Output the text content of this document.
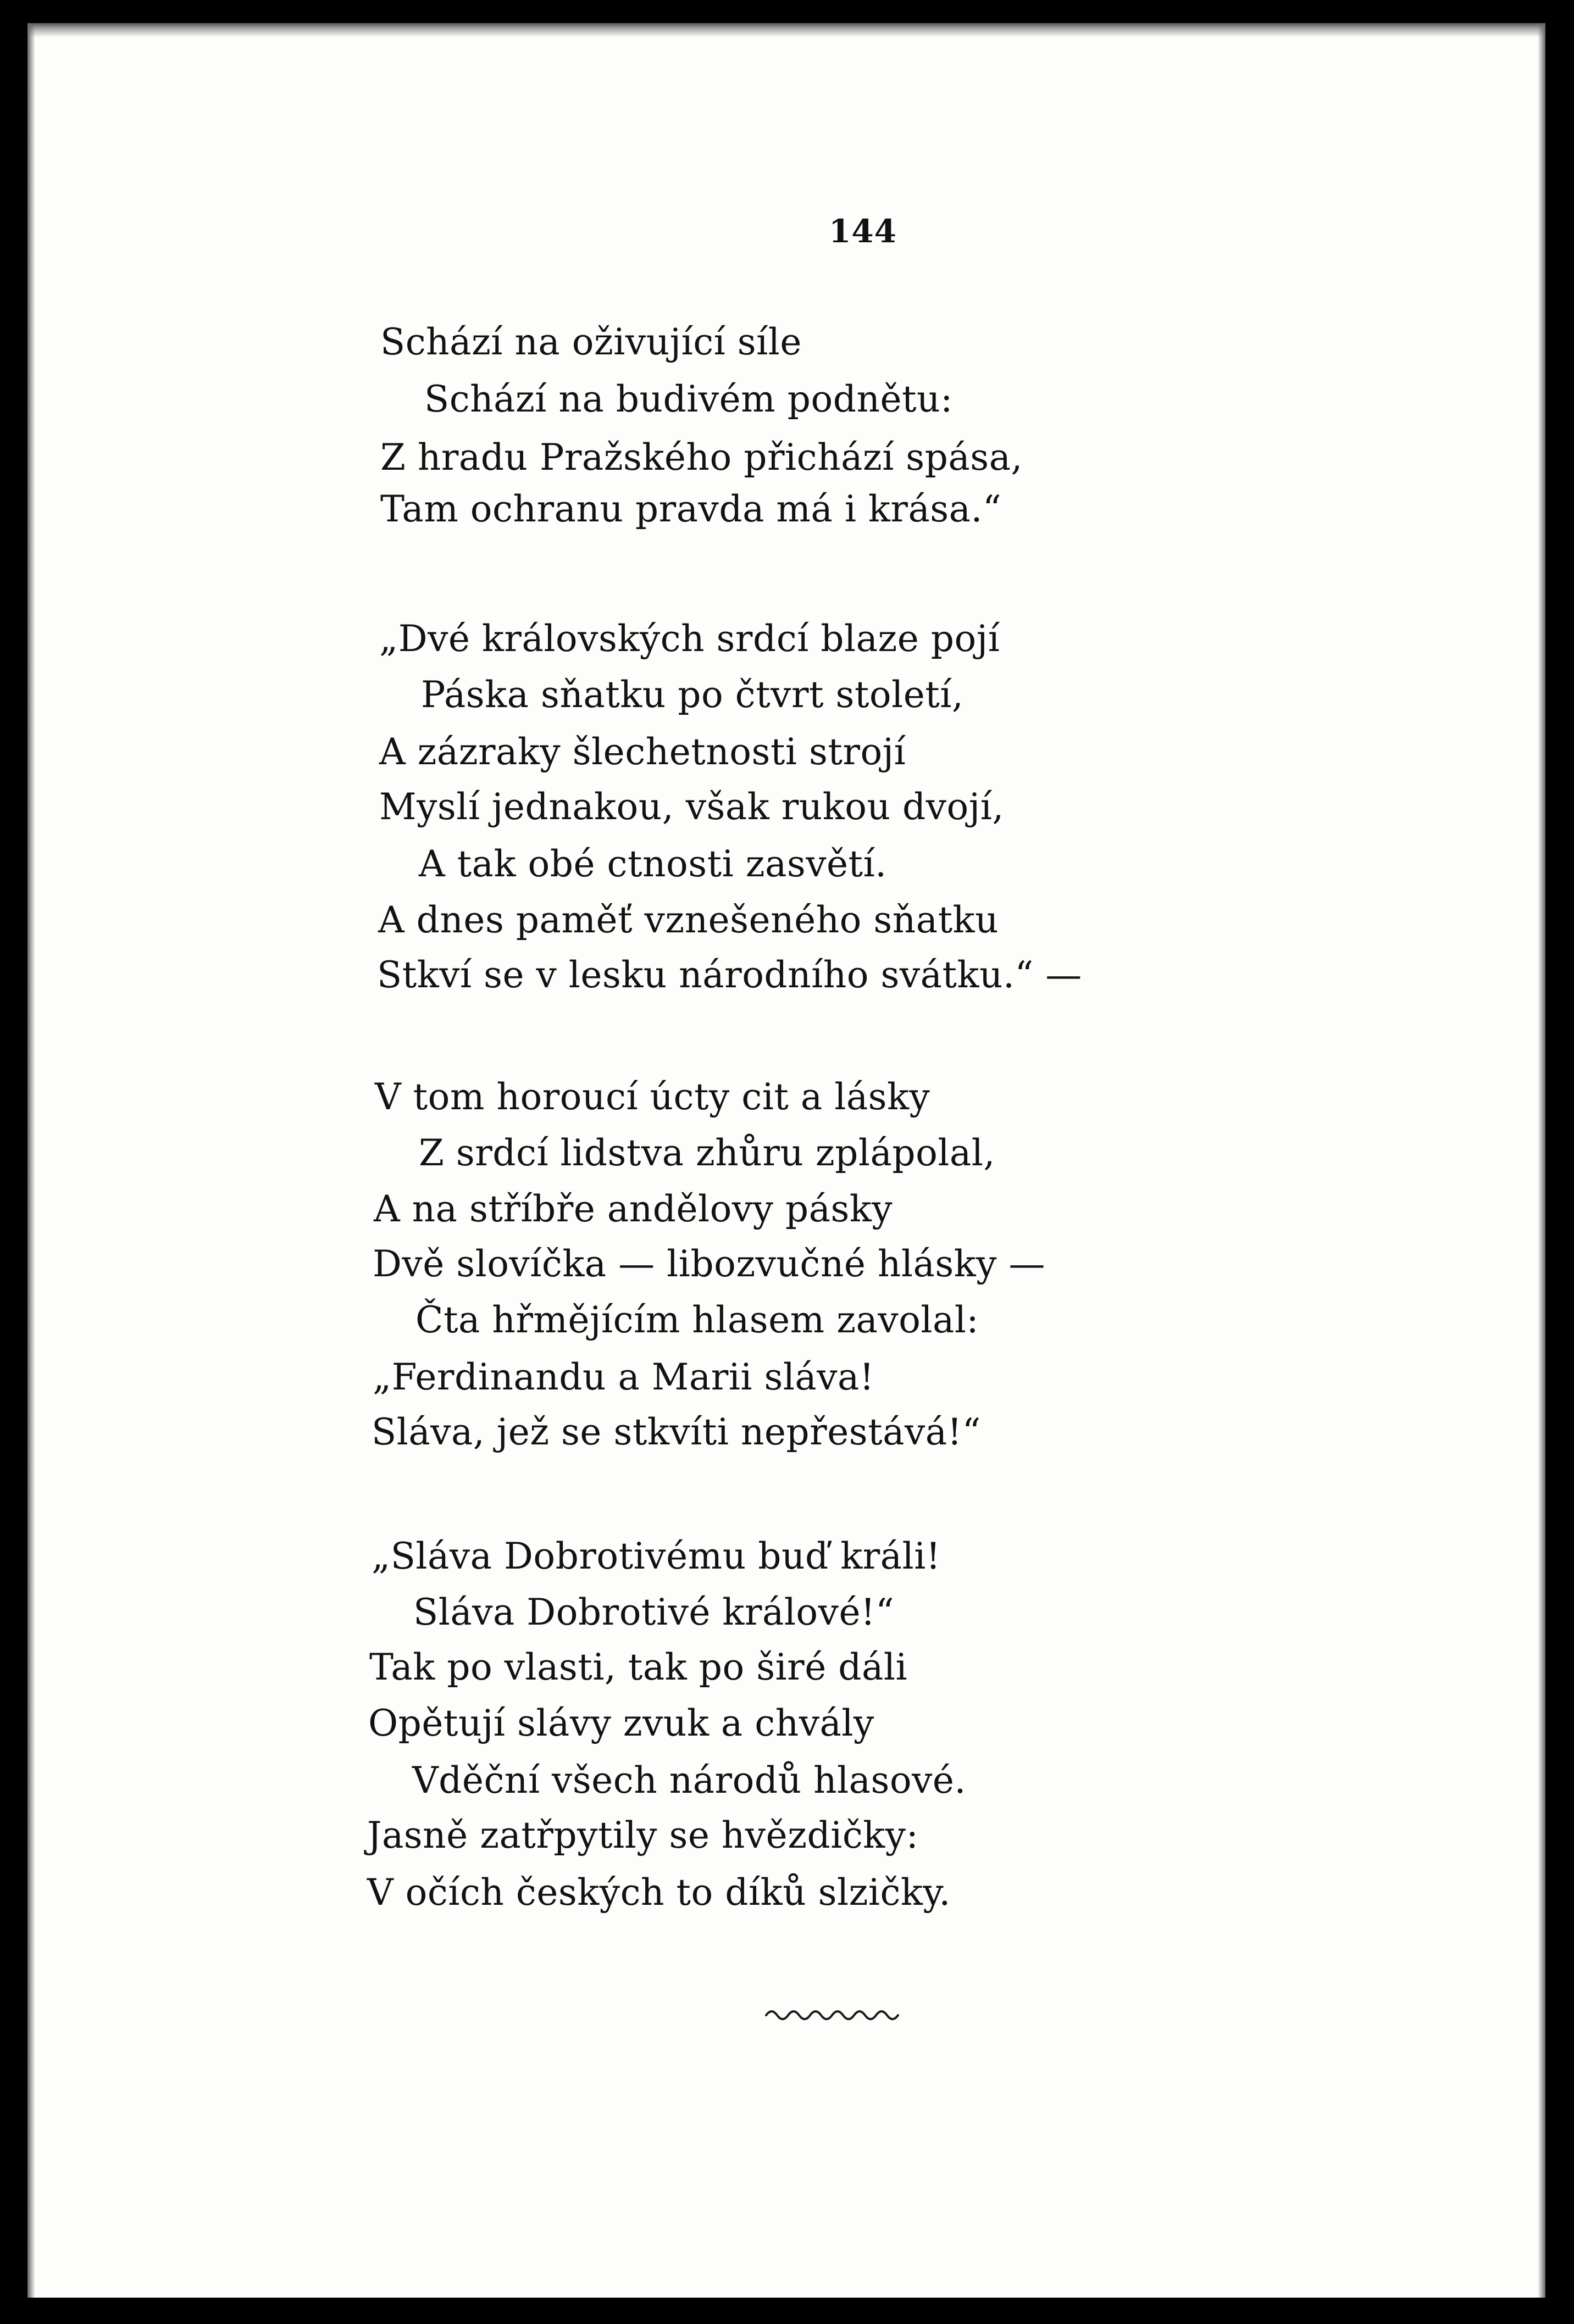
144
Schází na oživující síle
Schází na budivém podnětu:
Z hradu Pražského přichází spása,
Tam ochranu pravda má i krása.“
„Dvé královských srdcí blaze pojí
Páska sňatku po čtvrt století,
A zázraky šlechetnosti strojí
Myslí jednakou, však rukou dvojí,
A tak obé ctnosti zasvětí.
A dnes paměť vznešeného sňatku
Stkví se v lesku národního svátku.“ —
V tom horoucí úcty cit a lásky
Z srdcí lidstva zhůru zplápolal,
A na stříbře andělovy pásky
Dvě slovíčka — libozvučné hlásky —
Čta hřmějícím hlasem zavolal:
„Ferdinandu a Marii sláva!
Sláva, jež se stkvíti nepřestává!“
„Sláva Dobrotivému buď králi!
Sláva Dobrotivé králové!“
Tak po vlasti, tak po širé dáli
Opětují slávy zvuk a chvály
Vděční všech národů hlasové.
Jasně zatřpytily se hvězdičky:
V očích českých to díků slzičky.
